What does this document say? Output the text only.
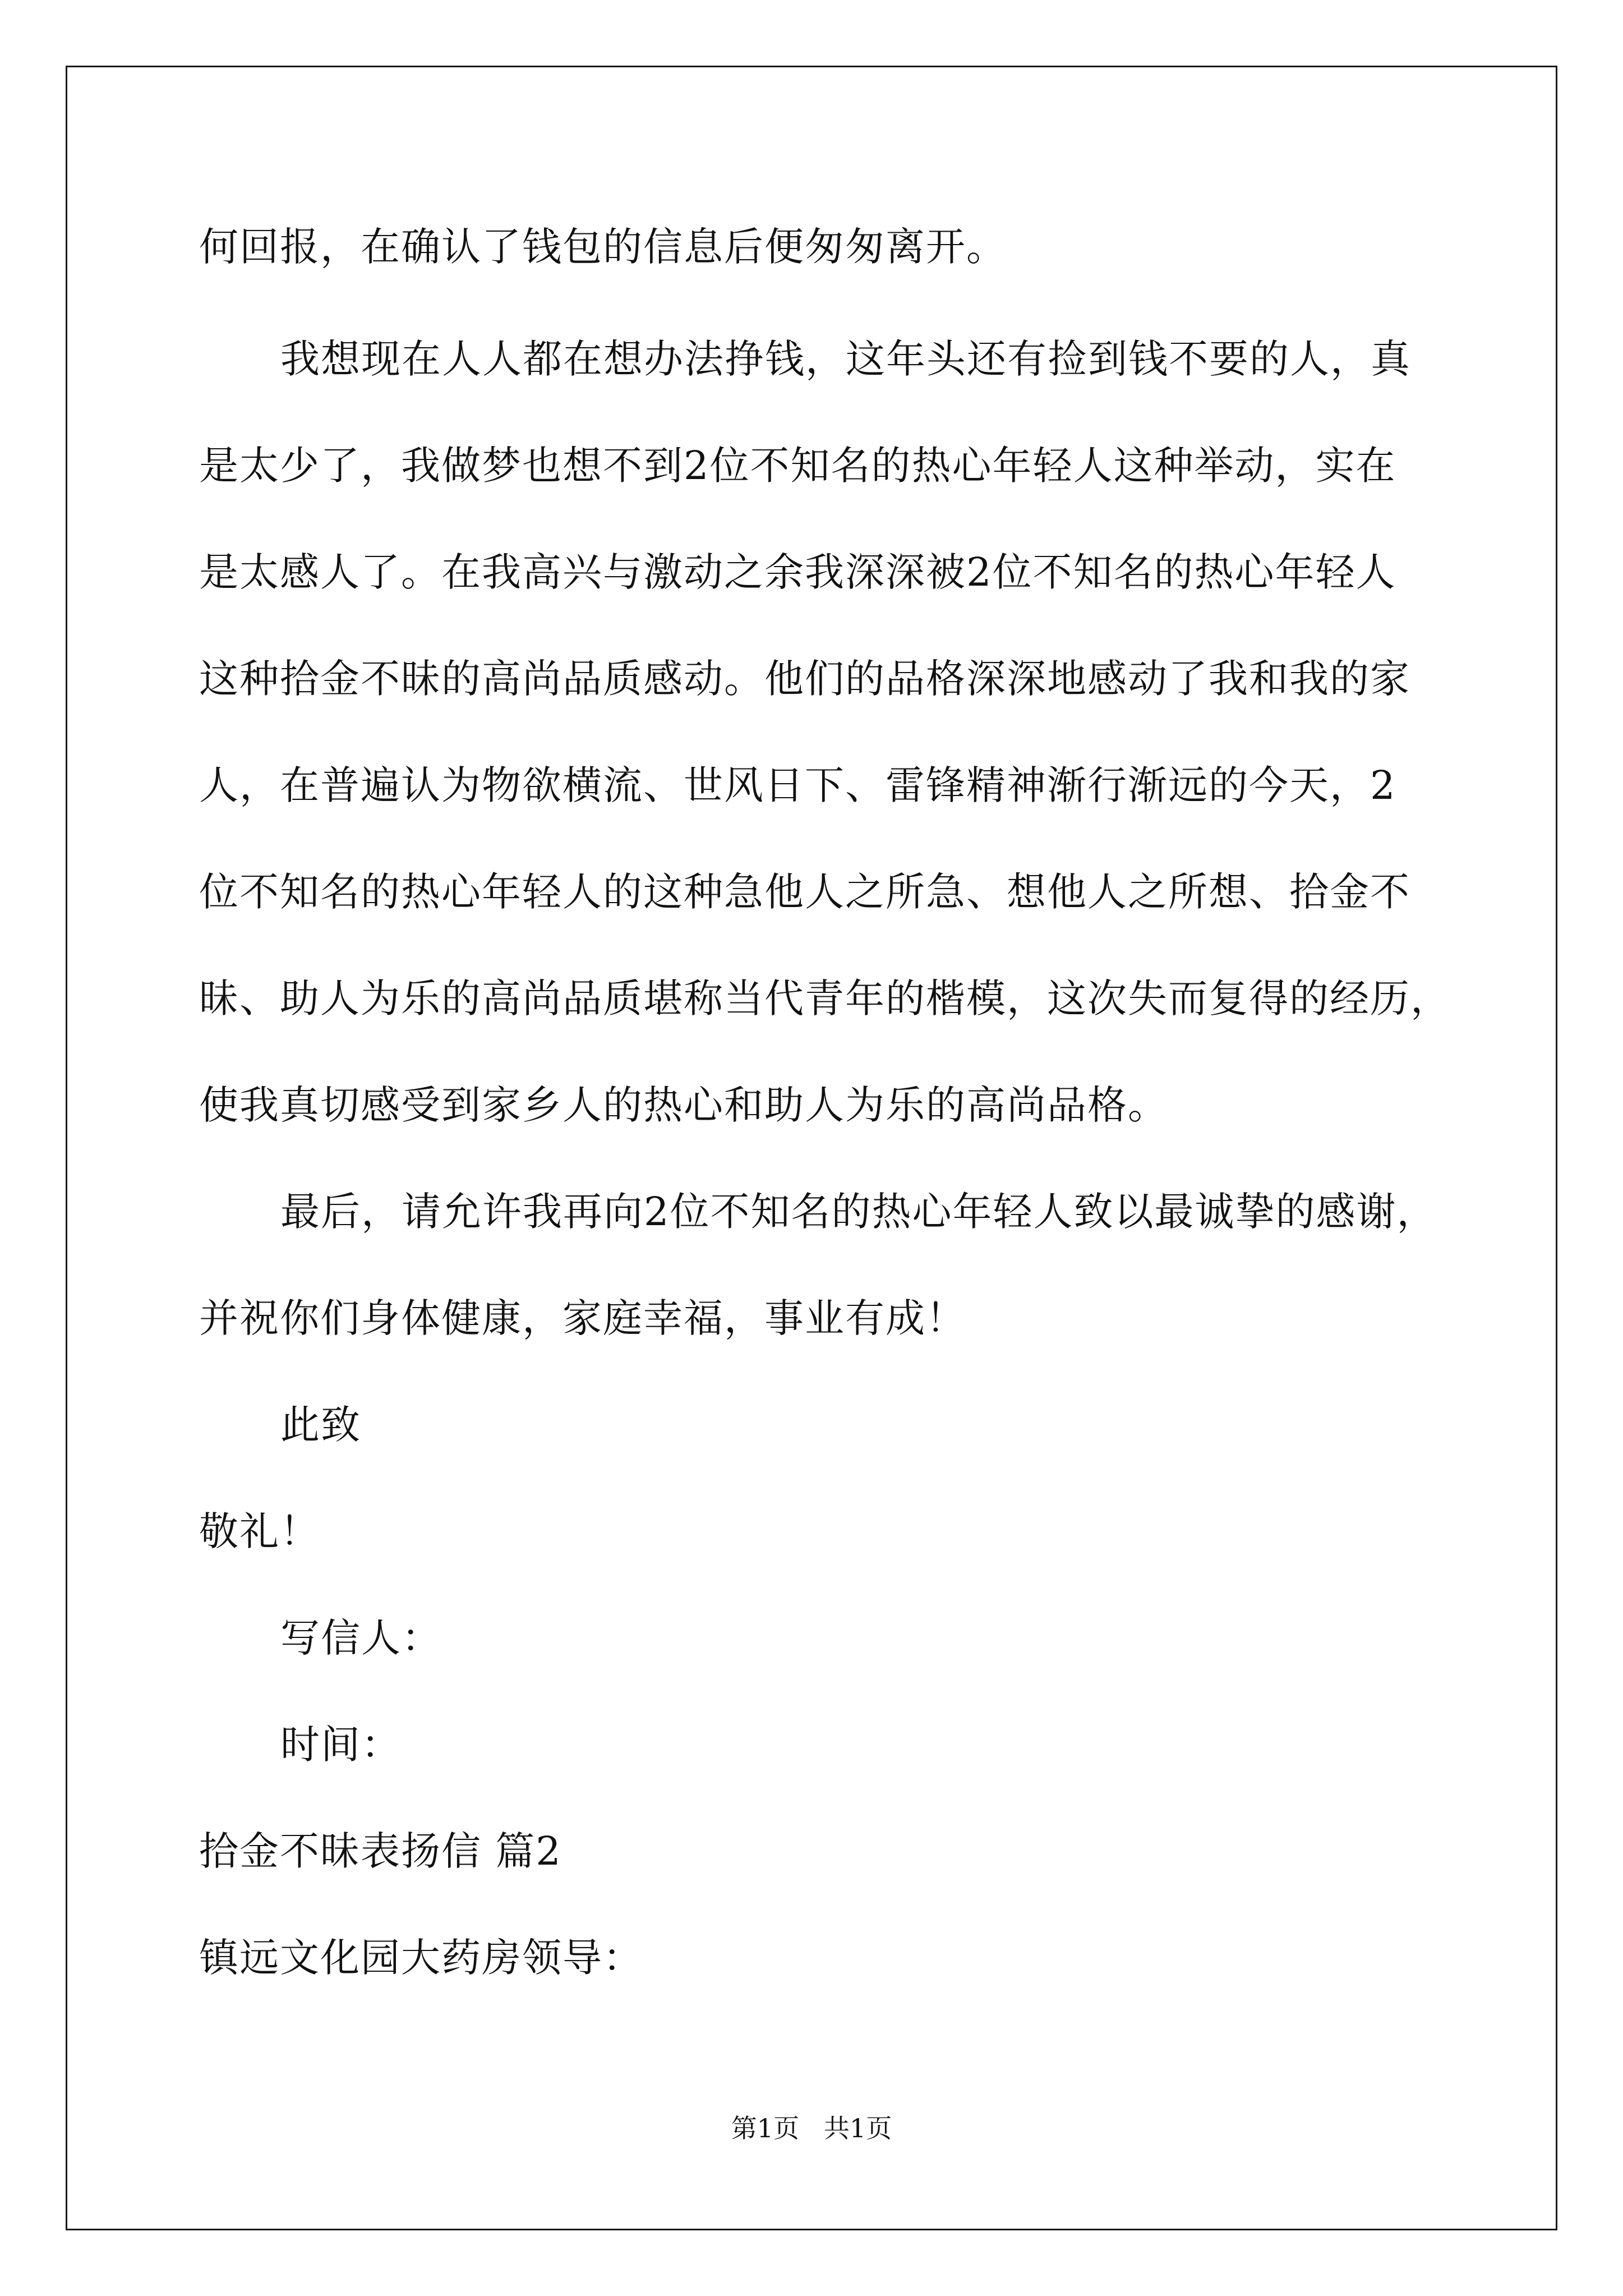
何回报，在确认了钱包的信息后便匆匆离开。
我想现在人人都在想办法挣钱，这年头还有捡到钱不要的人，真
是太少了，我做梦也想不到2位不知名的热心年轻人这种举动，实在
是太感人了。在我高兴与激动之余我深深被2位不知名的热心年轻人
这种拾金不昧的高尚品质感动。他们的品格深深地感动了我和我的家
人，在普遍认为物欲横流、世风日下、雷锋精神渐行渐远的今天，2
位不知名的热心年轻人的这种急他人之所急、想他人之所想、拾金不
昧、助人为乐的高尚品质堪称当代青年的楷模，这次失而复得的经历，
使我真切感受到家乡人的热心和助人为乐的高尚品格。
最后，请允许我再向2位不知名的热心年轻人致以最诚挚的感谢，
并祝你们身体健康，家庭幸福，事业有成！
此致
敬礼！
写信人：
时间：
拾金不昧表扬信 篇2
镇远文化园大药房领导：
第1页   共1页
